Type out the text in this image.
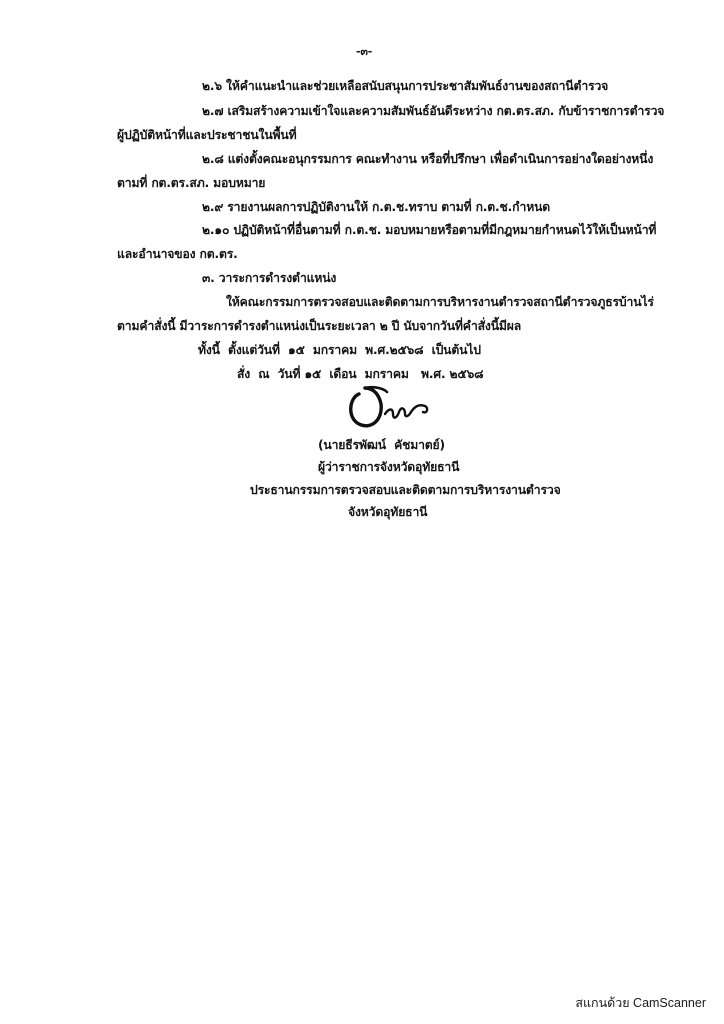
-๓-
๒.๖ ให้คำแนะนำและช่วยเหลือสนับสนุนการประชาสัมพันธ์งานของสถานีตำรวจ
๒.๗ เสริมสร้างความเข้าใจและความสัมพันธ์อันดีระหว่าง กต.ตร.สภ. กับข้าราชการตำรวจ
ผู้ปฏิบัติหน้าที่และประชาชนในพื้นที่
๒.๘ แต่งตั้งคณะอนุกรรมการ คณะทำงาน หรือที่ปรึกษา เพื่อดำเนินการอย่างใดอย่างหนึ่ง
ตามที่ กต.ตร.สภ. มอบหมาย
๒.๙ รายงานผลการปฏิบัติงานให้ ก.ต.ช.ทราบ ตามที่ ก.ต.ช.กำหนด
๒.๑๐ ปฏิบัติหน้าที่อื่นตามที่ ก.ต.ช. มอบหมายหรือตามที่มีกฎหมายกำหนดไว้ให้เป็นหน้าที่
และอำนาจของ กต.ตร.
๓. วาระการดำรงตำแหน่ง
ให้คณะกรรมการตรวจสอบและติดตามการบริหารงานตำรวจสถานีตำรวจภูธรบ้านไร่
ตามคำสั่งนี้ มีวาระการดำรงตำแหน่งเป็นระยะเวลา ๒ ปี นับจากวันที่คำสั่งนี้มีผล
ทั้งนี้  ตั้งแต่วันที่  ๑๕  มกราคม  พ.ศ.๒๕๖๘  เป็นต้นไป
สั่ง  ณ  วันที่ ๑๕  เดือน  มกราคม   พ.ศ. ๒๕๖๘
(นายธีรพัฒน์  คัชมาตย์)
ผู้ว่าราชการจังหวัดอุทัยธานี
ประธานกรรมการตรวจสอบและติดตามการบริหารงานตำรวจ
จังหวัดอุทัยธานี
สแกนด้วย CamScanner
